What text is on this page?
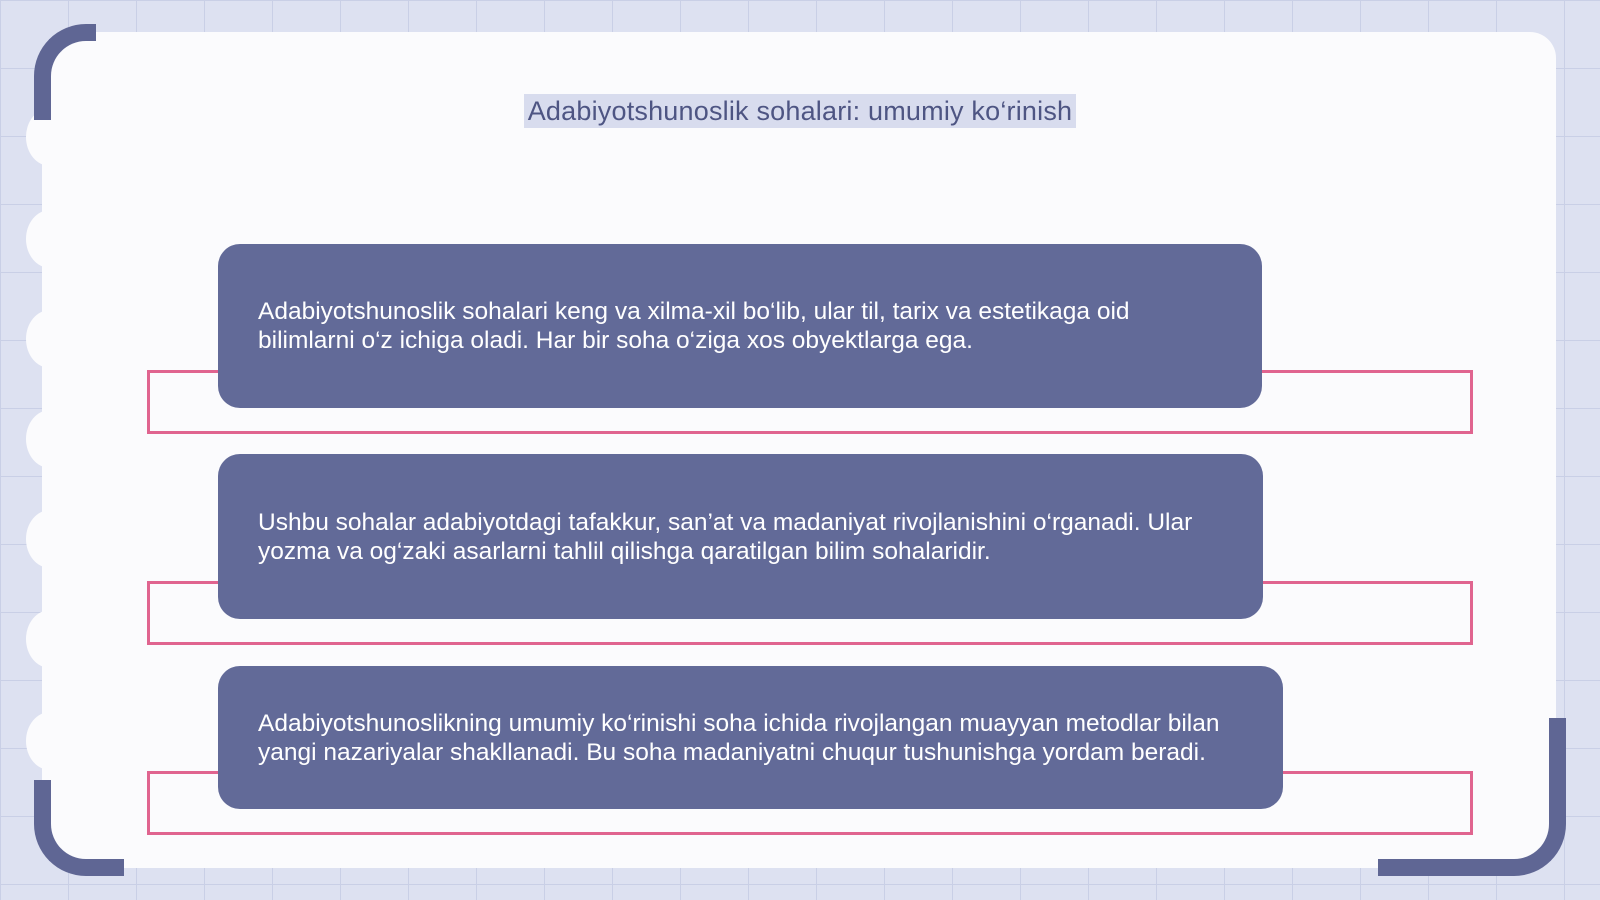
Adabiyotshunoslik sohalari: umumiy ko‘rinish

Adabiyotshunoslik sohalari keng va xilma-xil bo‘lib, ular til, tarix va estetikaga oid bilimlarni o‘z ichiga oladi. Har bir soha o‘ziga xos obyektlarga ega.

Ushbu sohalar adabiyotdagi tafakkur, san’at va madaniyat rivojlanishini o‘rganadi. Ular yozma va og‘zaki asarlarni tahlil qilishga qaratilgan bilim sohalaridir.

Adabiyotshunoslikning umumiy ko‘rinishi soha ichida rivojlangan muayyan metodlar bilan yangi nazariyalar shakllanadi. Bu soha madaniyatni chuqur tushunishga yordam beradi.
